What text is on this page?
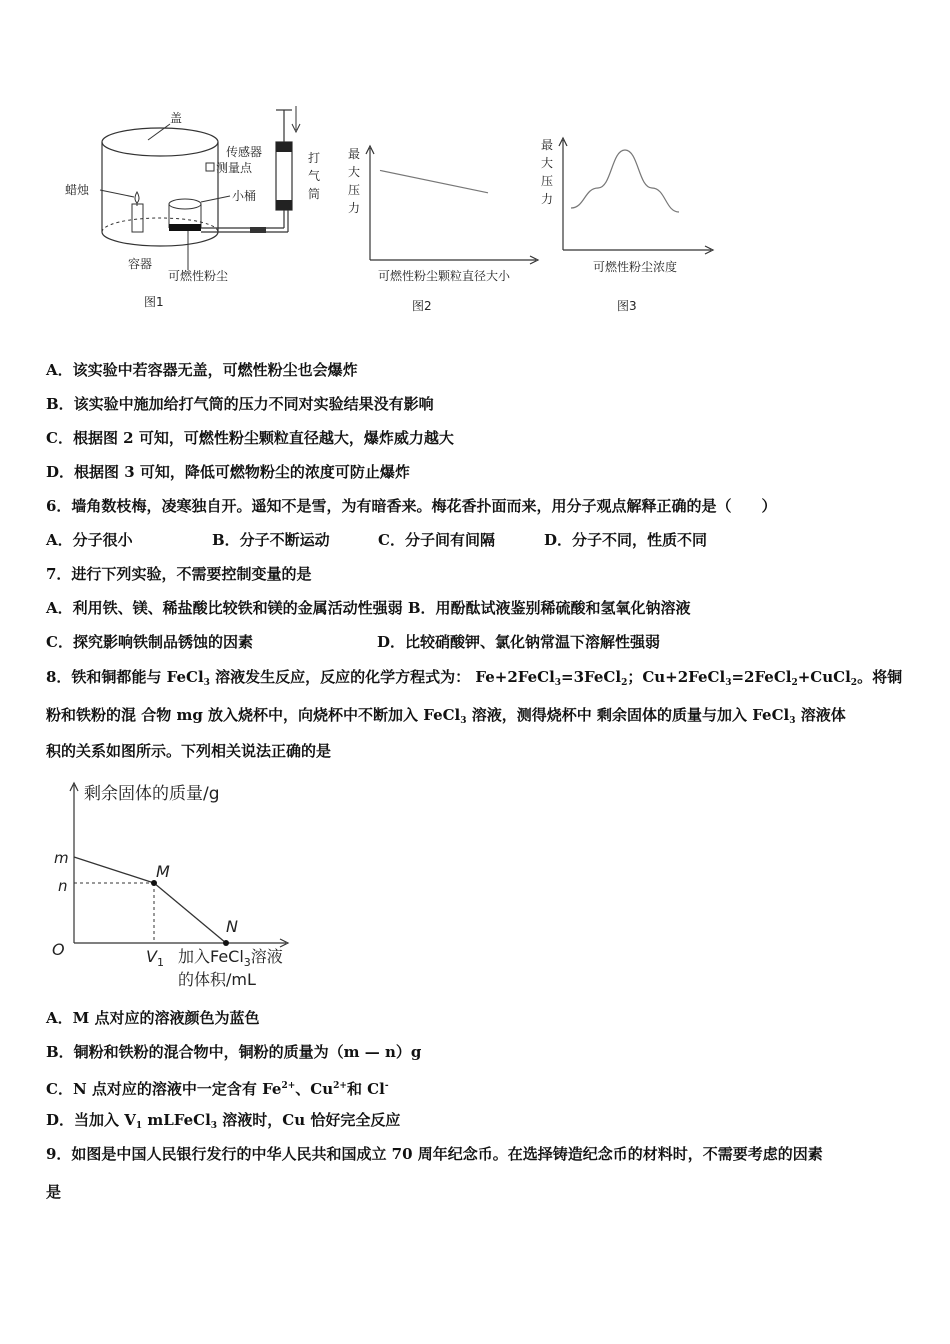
盖
蜡烛	小桶
可燃性粉尘
容器
打
气
筒
传感器
测量点
图1
最
大
压
力
可燃性粉尘颗粒直径大小
图2
最
大
压
力
可燃性粉尘浓度
图3
A．该实验中若容器无盖，可燃性粉尘也会爆炸
B．该实验中施加给打气筒的压力不同对实验结果没有影响
C．根据图 2 可知，可燃性粉尘颗粒直径越大，爆炸威力越大
D．根据图 3 可知，降低可燃物粉尘的浓度可防止爆炸
6．墙角数枝梅，凌寒独自开。遥知不是雪，为有暗香来。梅花香扑面而来，用分子观点解释正确的是（　　）
A．分子很小	B．分子不断运动	C．分子间有间隔	D．分子不同，性质不同
7．进行下列实验，不需要控制变量的是
A．利用铁、镁、稀盐酸比较铁和镁的金属活动性强弱 B．用酚酞试液鉴别稀硫酸和氢氧化钠溶液
C．探究影响铁制品锈蚀的因素	D．比较硝酸钾、氯化钠常温下溶解性强弱
8．铁和铜都能与 FeCl$_3$ 溶液发生反应，反应的化学方程式为： Fe+2FeCl$_3$=3FeCl$_2$；Cu+2FeCl$_3$=2FeCl$_2$+CuCl$_2$。将铜
粉和铁粉的混 合物 mg 放入烧杯中，向烧杯中不断加入 FeCl$_3$ 溶液，测得烧杯中 剩余固体的质量与加入 FeCl$_3$ 溶液体
积的关系如图所示。下列相关说法正确的是
剩余固体的质量/g
m
n
M
N
O	$V_1$ 加入FeCl$_3$溶液
的体积/mL
A．M 点对应的溶液颜色为蓝色
B．铜粉和铁粉的混合物中，铜粉的质量为（m — n）g
C．N 点对应的溶液中一定含有 $Fe^{2+}$、$Cu^{2+}$和 Cl-
D．当加入 $V_1$ mLFeCl$_3$ 溶液时，Cu 恰好完全反应
9．如图是中国人民银行发行的中华人民共和国成立 70 周年纪念币。在选择铸造纪念币的材料时，不需要考虑的因素
是
